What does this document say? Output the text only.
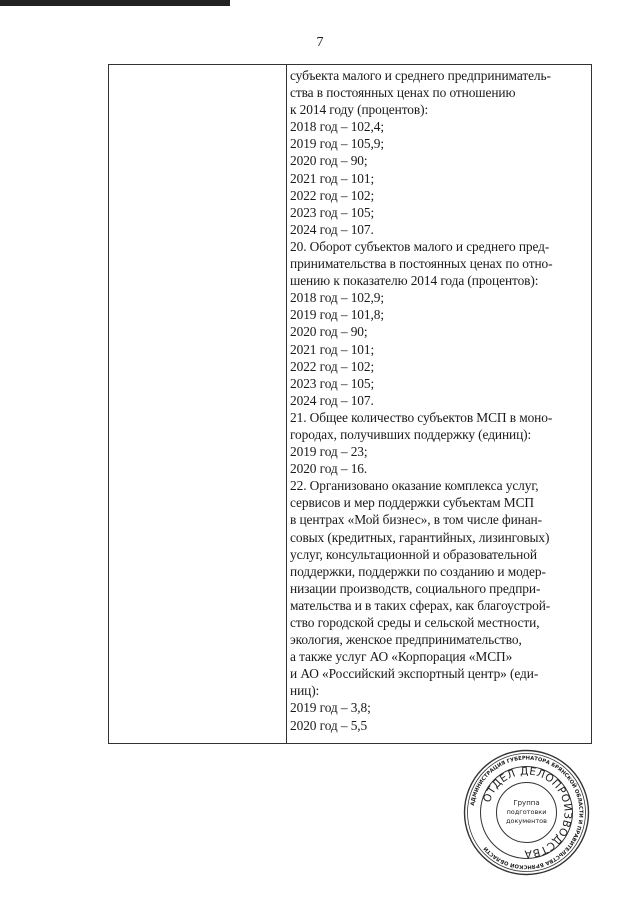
7
субъекта малого и среднего предприниматель-
ства в постоянных ценах по отношению
к 2014 году (процентов):
2018 год – 102,4;
2019 год – 105,9;
2020 год – 90;
2021 год – 101;
2022 год – 102;
2023 год – 105;
2024 год – 107.
20. Оборот субъектов малого и среднего пред-
принимательства в постоянных ценах по отно-
шению к показателю 2014 года (процентов):
2018 год – 102,9;
2019 год – 101,8;
2020 год – 90;
2021 год – 101;
2022 год – 102;
2023 год – 105;
2024 год – 107.
21. Общее количество субъектов МСП в моно-
городах, получивших поддержку (единиц):
2019 год – 23;
2020 год – 16.
22. Организовано оказание комплекса услуг,
сервисов и мер поддержки субъектам МСП
в центрах «Мой бизнес», в том числе финан-
совых (кредитных, гарантийных, лизинговых)
услуг, консультационной и образовательной
поддержки, поддержки по созданию и модер-
низации производств, социального предпри-
мательства и в таких сферах, как благоустрой-
ство городской среды и сельской местности,
экология, женское предпринимательство,
а также услуг АО «Корпорация «МСП»
и АО «Российский экспортный центр» (еди-
ниц):
2019 год – 3,8;
2020 год – 5,5
АДМИНИСТРАЦИЯ ГУБЕРНАТОРА БРЯНСКОЙ ОБЛАСТИ И ПРАВИТЕЛЬСТВА БРЯНСКОЙ ОБЛАСТИ
ОТДЕЛ ДЕЛОПРОИЗВОДСТВА
Группа
подготовки
документов
